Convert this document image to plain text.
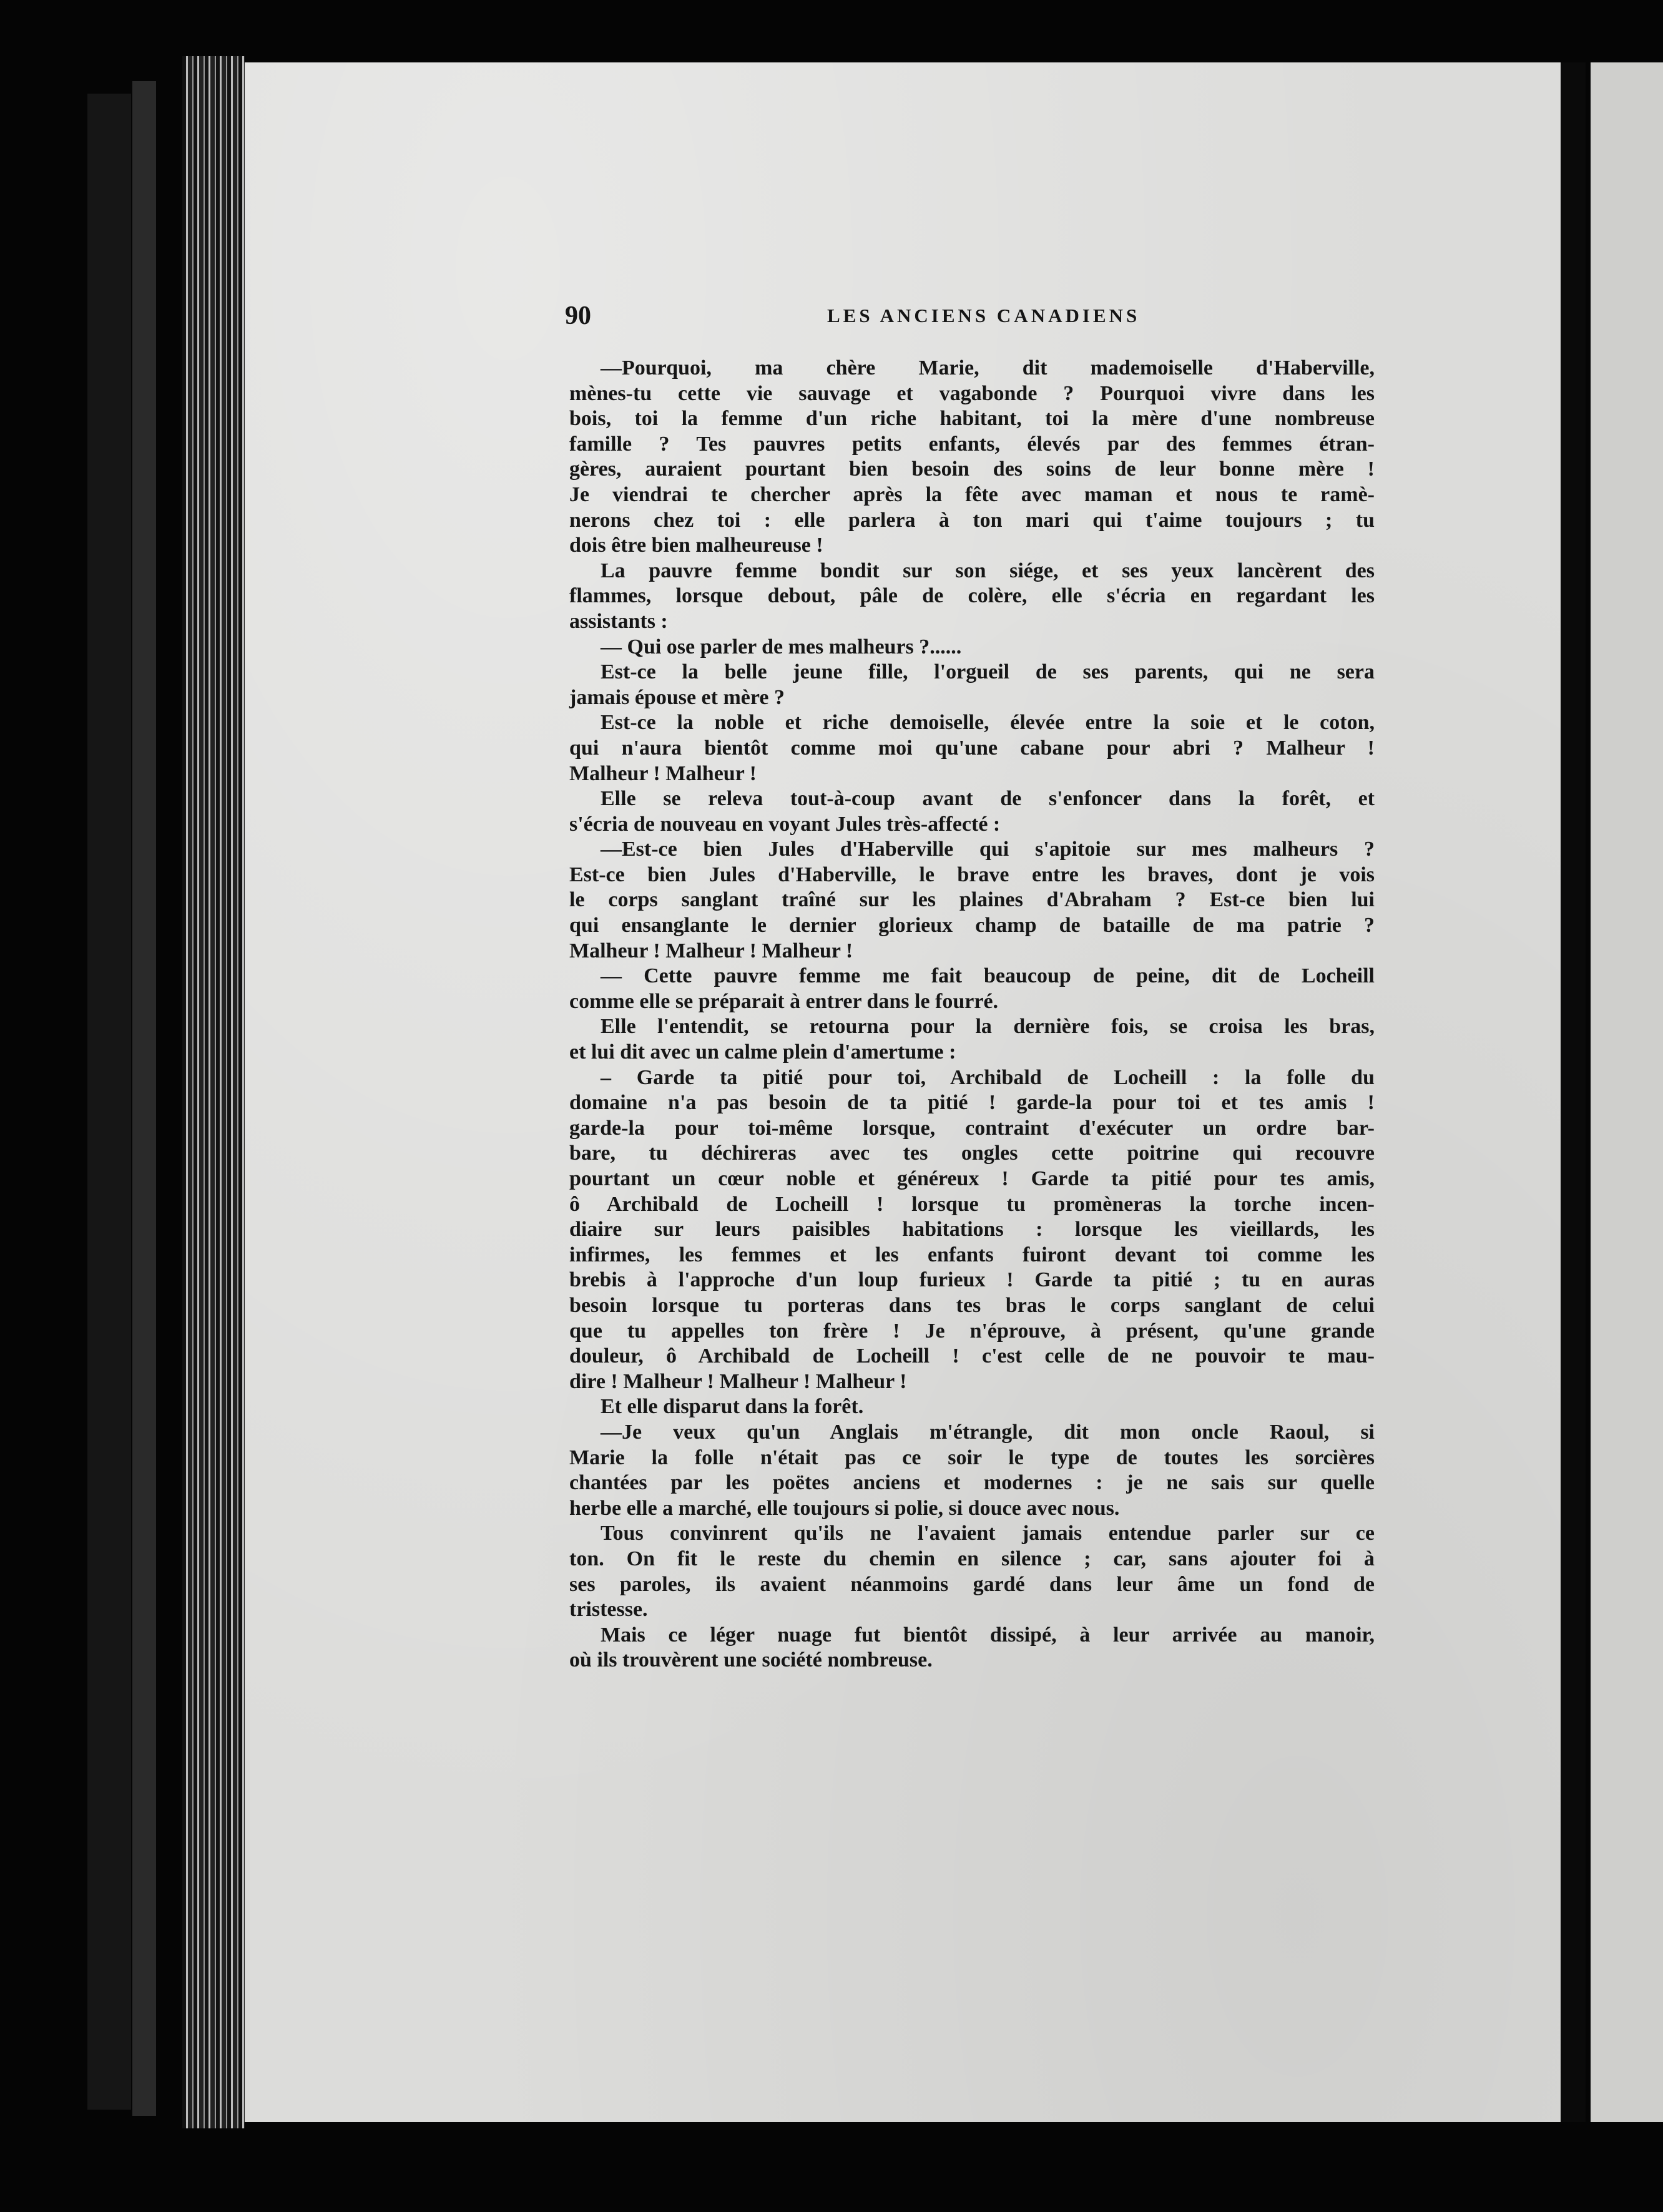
90	LES ANCIENS CANADIENS
—Pourquoi, ma chère Marie, dit mademoiselle d'Haberville,
mènes-tu cette vie sauvage et vagabonde ? Pourquoi vivre dans les
bois, toi la femme d'un riche habitant, toi la mère d'une nombreuse
famille ? Tes pauvres petits enfants, élevés par des femmes étran-
gères, auraient pourtant bien besoin des soins de leur bonne mère !
Je viendrai te chercher après la fête avec maman et nous te ramè-
nerons chez toi : elle parlera à ton mari qui t'aime toujours ; tu
dois être bien malheureuse !
La pauvre femme bondit sur son siége, et ses yeux lancèrent des
flammes, lorsque debout, pâle de colère, elle s'écria en regardant les
assistants :
— Qui ose parler de mes malheurs ?......
Est-ce la belle jeune fille, l'orgueil de ses parents, qui ne sera
jamais épouse et mère ?
Est-ce la noble et riche demoiselle, élevée entre la soie et le coton,
qui n'aura bientôt comme moi qu'une cabane pour abri ? Malheur !
Malheur ! Malheur !
Elle se releva tout-à-coup avant de s'enfoncer dans la forêt, et
s'écria de nouveau en voyant Jules très-affecté :
—Est-ce bien Jules d'Haberville qui s'apitoie sur mes malheurs ?
Est-ce bien Jules d'Haberville, le brave entre les braves, dont je vois
le corps sanglant traîné sur les plaines d'Abraham ? Est-ce bien lui
qui ensanglante le dernier glorieux champ de bataille de ma patrie ?
Malheur ! Malheur ! Malheur !
— Cette pauvre femme me fait beaucoup de peine, dit de Locheill
comme elle se préparait à entrer dans le fourré.
Elle l'entendit, se retourna pour la dernière fois, se croisa les bras,
et lui dit avec un calme plein d'amertume :
– Garde ta pitié pour toi, Archibald de Locheill : la folle du
domaine n'a pas besoin de ta pitié ! garde-la pour toi et tes amis !
garde-la pour toi-même lorsque, contraint d'exécuter un ordre bar-
bare, tu déchireras avec tes ongles cette poitrine qui recouvre
pourtant un cœur noble et généreux ! Garde ta pitié pour tes amis,
ô Archibald de Locheill ! lorsque tu promèneras la torche incen-
diaire sur leurs paisibles habitations : lorsque les vieillards, les
infirmes, les femmes et les enfants fuiront devant toi comme les
brebis à l'approche d'un loup furieux ! Garde ta pitié ; tu en auras
besoin lorsque tu porteras dans tes bras le corps sanglant de celui
que tu appelles ton frère ! Je n'éprouve, à présent, qu'une grande
douleur, ô Archibald de Locheill ! c'est celle de ne pouvoir te mau-
dire ! Malheur ! Malheur ! Malheur !
Et elle disparut dans la forêt.
—Je veux qu'un Anglais m'étrangle, dit mon oncle Raoul, si
Marie la folle n'était pas ce soir le type de toutes les sorcières
chantées par les poëtes anciens et modernes : je ne sais sur quelle
herbe elle a marché, elle toujours si polie, si douce avec nous.
Tous convinrent qu'ils ne l'avaient jamais entendue parler sur ce
ton. On fit le reste du chemin en silence ; car, sans ajouter foi à
ses paroles, ils avaient néanmoins gardé dans leur âme un fond de
tristesse.
Mais ce léger nuage fut bientôt dissipé, à leur arrivée au manoir,
où ils trouvèrent une société nombreuse.
